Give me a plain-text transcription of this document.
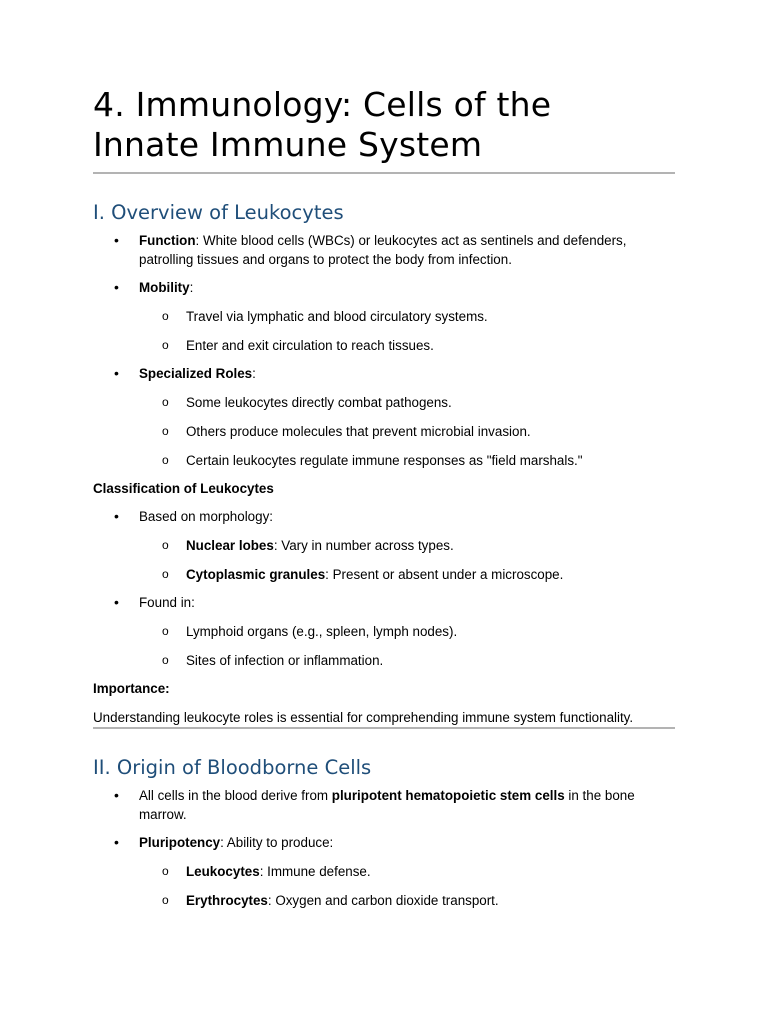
4. Immunology: Cells of the
Innate Immune System
I. Overview of Leukocytes
• Function: White blood cells (WBCs) or leukocytes act as sentinels and defenders, patrolling tissues and organs to protect the body from infection.
• Mobility:
o Travel via lymphatic and blood circulatory systems.
o Enter and exit circulation to reach tissues.
• Specialized Roles:
o Some leukocytes directly combat pathogens.
o Others produce molecules that prevent microbial invasion.
o Certain leukocytes regulate immune responses as "field marshals."
Classification of Leukocytes
• Based on morphology:
o Nuclear lobes: Vary in number across types.
o Cytoplasmic granules: Present or absent under a microscope.
• Found in:
o Lymphoid organs (e.g., spleen, lymph nodes).
o Sites of infection or inflammation.
Importance:
Understanding leukocyte roles is essential for comprehending immune system functionality.
II. Origin of Bloodborne Cells
• All cells in the blood derive from pluripotent hematopoietic stem cells in the bone marrow.
• Pluripotency: Ability to produce:
o Leukocytes: Immune defense.
o Erythrocytes: Oxygen and carbon dioxide transport.
